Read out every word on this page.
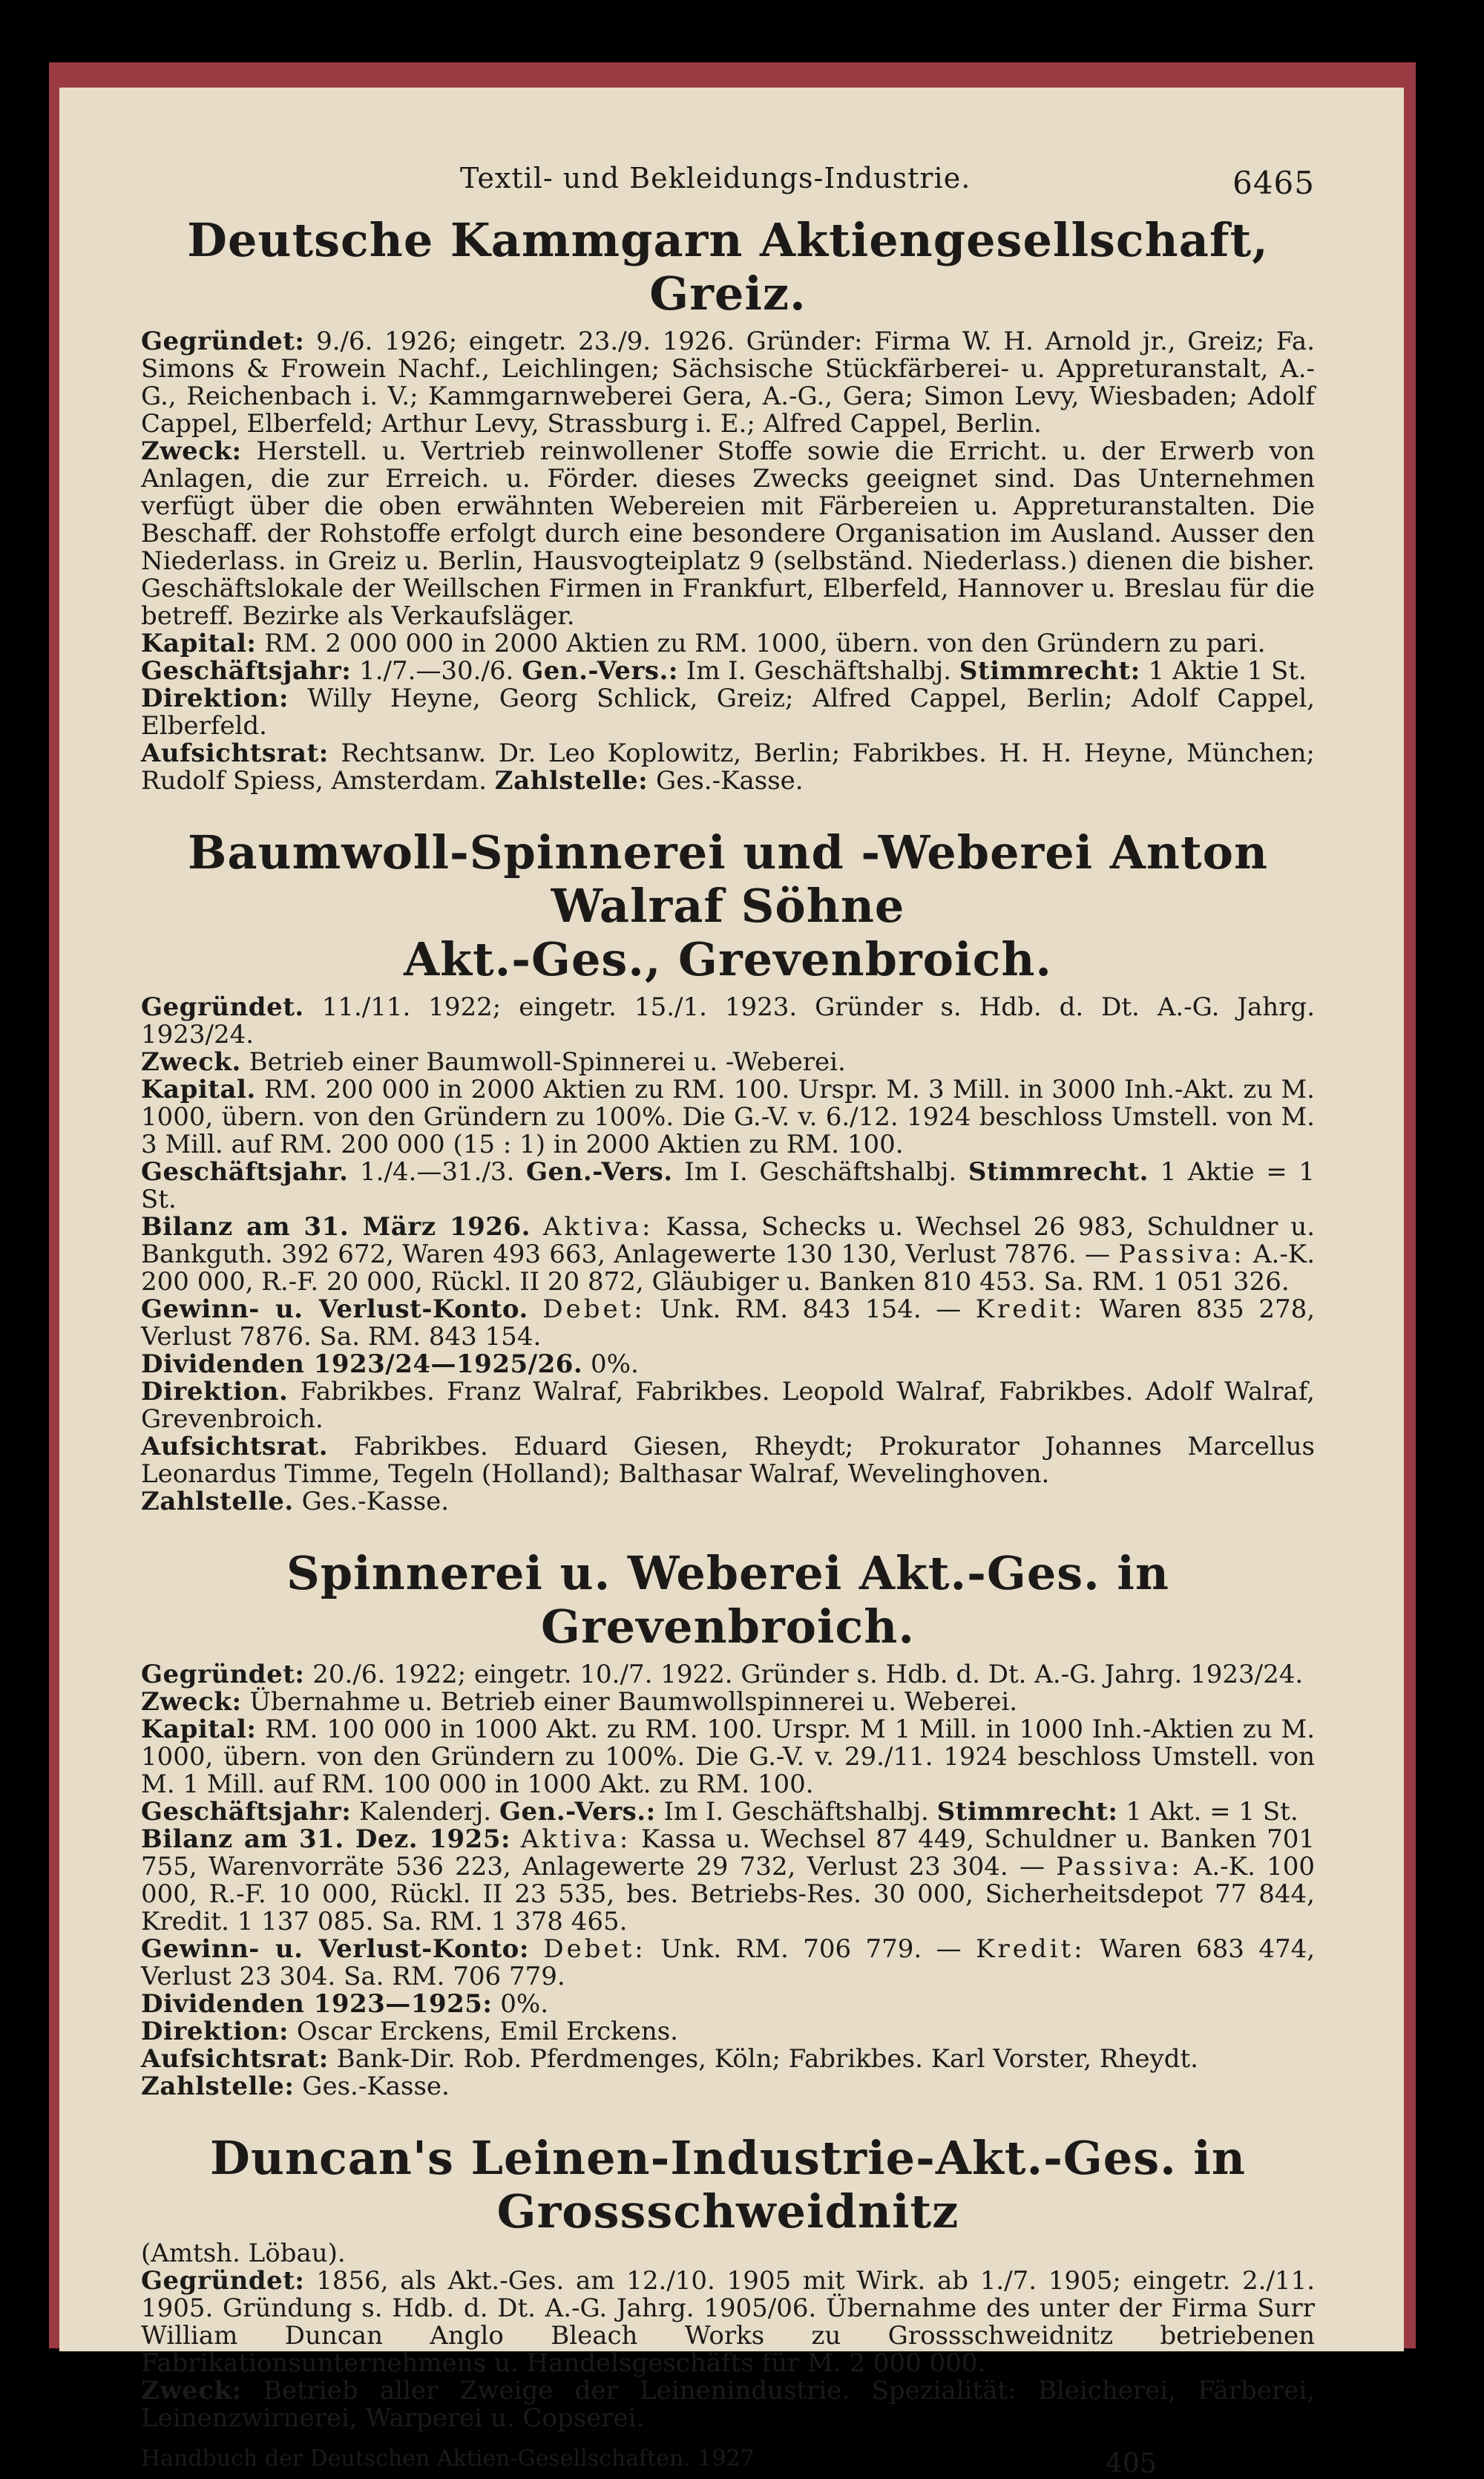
Textil- und Bekleidungs-Industrie.	6465
Deutsche Kammgarn Aktiengesellschaft, Greiz.

Gegründet: 9./6. 1926; eingetr. 23./9. 1926. Gründer: Firma W. H. Arnold jr., Greiz; Fa. Simons & Frowein Nachf., Leichlingen; Sächsische Stückfärberei- u. Appreturanstalt, A.-G., Reichenbach i. V.; Kammgarnweberei Gera, A.-G., Gera; Simon Levy, Wiesbaden; Adolf Cappel, Elberfeld; Arthur Levy, Strassburg i. E.; Alfred Cappel, Berlin.

Zweck: Herstell. u. Vertrieb reinwollener Stoffe sowie die Erricht. u. der Erwerb von Anlagen, die zur Erreich. u. Förder. dieses Zwecks geeignet sind. Das Unternehmen verfügt über die oben erwähnten Webereien mit Färbereien u. Appreturanstalten. Die Beschaff. der Rohstoffe erfolgt durch eine besondere Organisation im Ausland. Ausser den Niederlass. in Greiz u. Berlin, Hausvogteiplatz 9 (selbständ. Niederlass.) dienen die bisher. Geschäftslokale der Weillschen Firmen in Frankfurt, Elberfeld, Hannover u. Breslau für die betreff. Bezirke als Verkaufsläger.

Kapital: RM. 2 000 000 in 2000 Aktien zu RM. 1000, übern. von den Gründern zu pari.

Geschäftsjahr: 1./7.—30./6. Gen.-Vers.: Im I. Geschäftshalbj. Stimmrecht: 1 Aktie 1 St.

Direktion: Willy Heyne, Georg Schlick, Greiz; Alfred Cappel, Berlin; Adolf Cappel, Elberfeld.

Aufsichtsrat: Rechtsanw. Dr. Leo Koplowitz, Berlin; Fabrikbes. H. H. Heyne, München; Rudolf Spiess, Amsterdam. Zahlstelle: Ges.-Kasse.

Baumwoll-Spinnerei und -Weberei Anton Walraf Söhne
Akt.-Ges., Grevenbroich.

Gegründet. 11./11. 1922; eingetr. 15./1. 1923. Gründer s. Hdb. d. Dt. A.-G. Jahrg. 1923/24.

Zweck. Betrieb einer Baumwoll-Spinnerei u. -Weberei.

Kapital. RM. 200 000 in 2000 Aktien zu RM. 100. Urspr. M. 3 Mill. in 3000 Inh.-Akt. zu M. 1000, übern. von den Gründern zu 100%. Die G.-V. v. 6./12. 1924 beschloss Umstell. von M. 3 Mill. auf RM. 200 000 (15 : 1) in 2000 Aktien zu RM. 100.

Geschäftsjahr. 1./4.—31./3. Gen.-Vers. Im I. Geschäftshalbj. Stimmrecht. 1 Aktie = 1 St.

Bilanz am 31. März 1926. Aktiva: Kassa, Schecks u. Wechsel 26 983, Schuldner u. Bankguth. 392 672, Waren 493 663, Anlagewerte 130 130, Verlust 7876. — Passiva: A.-K. 200 000, R.-F. 20 000, Rückl. II 20 872, Gläubiger u. Banken 810 453. Sa. RM. 1 051 326.

Gewinn- u. Verlust-Konto. Debet: Unk. RM. 843 154. — Kredit: Waren 835 278, Verlust 7876. Sa. RM. 843 154.

Dividenden 1923/24—1925/26. 0%.

Direktion. Fabrikbes. Franz Walraf, Fabrikbes. Leopold Walraf, Fabrikbes. Adolf Walraf, Grevenbroich.

Aufsichtsrat. Fabrikbes. Eduard Giesen, Rheydt; Prokurator Johannes Marcellus Leonardus Timme, Tegeln (Holland); Balthasar Walraf, Wevelinghoven.

Zahlstelle. Ges.-Kasse.

Spinnerei u. Weberei Akt.-Ges. in Grevenbroich.

Gegründet: 20./6. 1922; eingetr. 10./7. 1922. Gründer s. Hdb. d. Dt. A.-G. Jahrg. 1923/24.

Zweck: Übernahme u. Betrieb einer Baumwollspinnerei u. Weberei.

Kapital: RM. 100 000 in 1000 Akt. zu RM. 100. Urspr. M 1 Mill. in 1000 Inh.-Aktien zu M. 1000, übern. von den Gründern zu 100%. Die G.-V. v. 29./11. 1924 beschloss Umstell. von M. 1 Mill. auf RM. 100 000 in 1000 Akt. zu RM. 100.

Geschäftsjahr: Kalenderj. Gen.-Vers.: Im I. Geschäftshalbj. Stimmrecht: 1 Akt. = 1 St.

Bilanz am 31. Dez. 1925: Aktiva: Kassa u. Wechsel 87 449, Schuldner u. Banken 701 755, Warenvorräte 536 223, Anlagewerte 29 732, Verlust 23 304. — Passiva: A.-K. 100 000, R.-F. 10 000, Rückl. II 23 535, bes. Betriebs-Res. 30 000, Sicherheitsdepot 77 844, Kredit. 1 137 085. Sa. RM. 1 378 465.

Gewinn- u. Verlust-Konto: Debet: Unk. RM. 706 779. — Kredit: Waren 683 474, Verlust 23 304. Sa. RM. 706 779.

Dividenden 1923—1925: 0%.

Direktion: Oscar Erckens, Emil Erckens.

Aufsichtsrat: Bank-Dir. Rob. Pferdmenges, Köln; Fabrikbes. Karl Vorster, Rheydt.

Zahlstelle: Ges.-Kasse.

Duncan's Leinen-Industrie-Akt.-Ges. in Grossschweidnitz

(Amtsh. Löbau).

Gegründet: 1856, als Akt.-Ges. am 12./10. 1905 mit Wirk. ab 1./7. 1905; eingetr. 2./11. 1905. Gründung s. Hdb. d. Dt. A.-G. Jahrg. 1905/06. Übernahme des unter der Firma Surr William Duncan Anglo Bleach Works zu Grossschweidnitz betriebenen Fabrikationsunternehmens u. Handelsgeschäfts für M. 2 000 000.

Zweck: Betrieb aller Zweige der Leinenindustrie. Spezialität: Bleicherei, Färberei, Leinenzwirnerei, Warperei u. Copserei.

Handbuch der Deutschen Aktien-Gesellschaften. 1927	405
